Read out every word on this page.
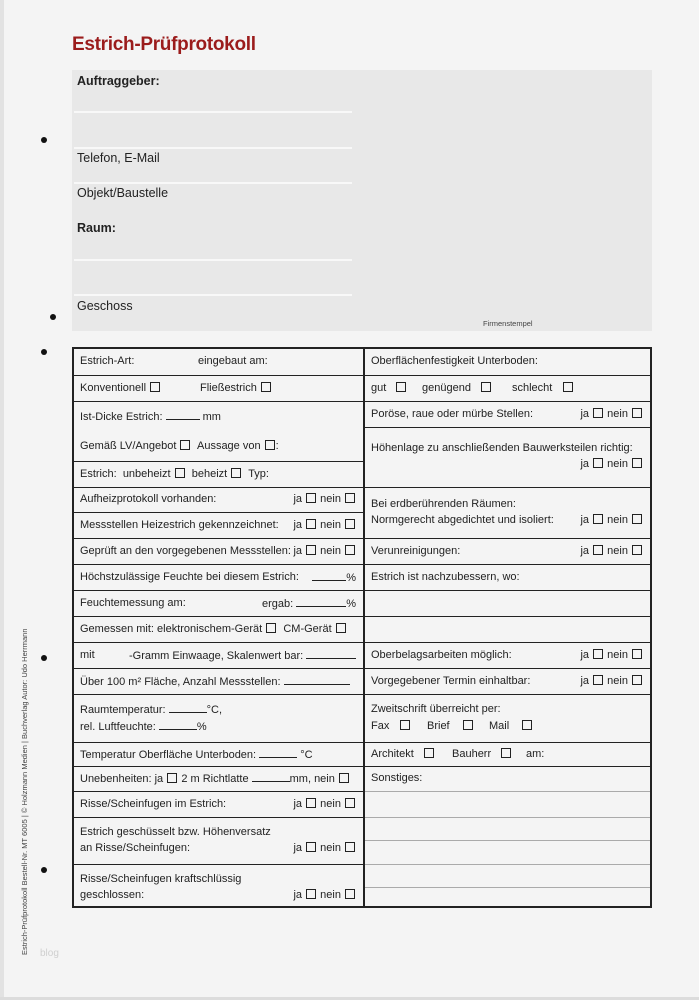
Estrich-Prüfprotokoll
Auftraggeber:
Telefon, E-Mail
Objekt/Baustelle
Raum:
Geschoss
Firmenstempel
Estrich-Prüfprotokoll Bestell-Nr. MT 6005 | © Holzmann Medien | Buchverlag Autor: Udo Herrmann blog
Estrich-Art:	eingebaut am:
Konventionell	Fließestrich
Ist-Dicke Estrich:	mm
Gemäß LV/Angebot Aussage von :
Estrich: unbeheizt beheizt Typ:
Aufheizprotokoll vorhanden:	ja nein
Messstellen Heizestrich gekennzeichnet: ja nein
Geprüft an den vorgegebenen Messstellen: ja nein
Höchstzulässige Feuchte bei diesem Estrich:	%
Feuchtemessung am:	ergab:	%
Gemessen mit: elektronischem-Gerät CM-Gerät
mit	-Gramm Einwaage, Skalenwert bar:
Über 100 m² Fläche, Anzahl Messstellen:
Raumtemperatur:	°C,
rel. Luftfeuchte:	%
Temperatur Oberfläche Unterboden:	°C
Unebenheiten: ja 2 m Richtlatte	mm, nein
Risse/Scheinfugen im Estrich:	ja nein
Estrich geschüsselt bzw. Höhenversatz
an Risse/Scheinfugen:	ja nein
Risse/Scheinfugen kraftschlüssig
geschlossen:	ja nein
Oberflächenfestigkeit Unterboden:
gut	genügend	schlecht
Poröse, raue oder mürbe Stellen:	ja nein
Höhenlage zu anschließenden Bauwerksteilen richtig:
ja nein
Bei erdberührenden Räumen:
Normgerecht abgedichtet und isoliert: ja nein
Verunreinigungen:	ja nein
Estrich ist nachzubessern, wo:
Oberbelagsarbeiten möglich:	ja nein
Vorgegebener Termin einhaltbar:	ja nein
Zweitschrift überreicht per:
Fax	Brief	Mail
Architekt	Bauherr	am:
Sonstiges:
